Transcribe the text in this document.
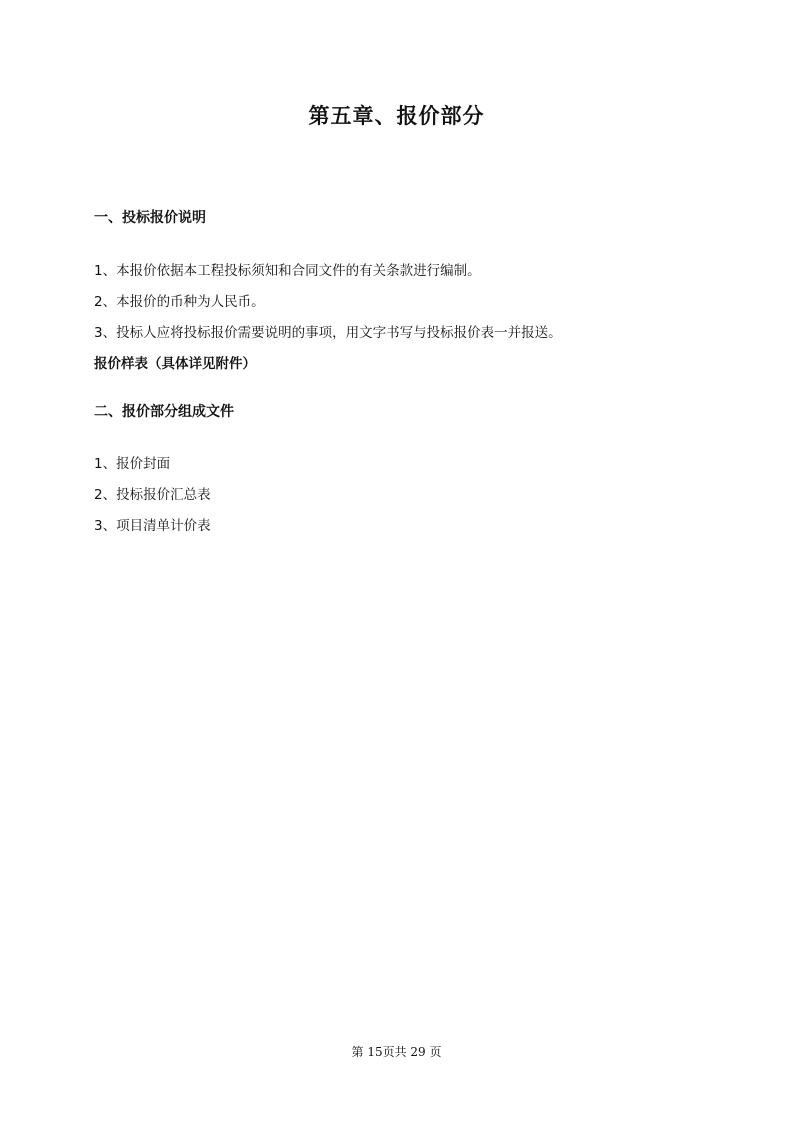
第五章、报价部分
一、投标报价说明
1、本报价依据本工程投标须知和合同文件的有关条款进行编制。
2、本报价的币种为人民币。
3、投标人应将投标报价需要说明的事项，用文字书写与投标报价表一并报送。
报价样表（具体详见附件）
二、报价部分组成文件
1、报价封面
2、投标报价汇总表
3、项目清单计价表
第 15页共 29 页
